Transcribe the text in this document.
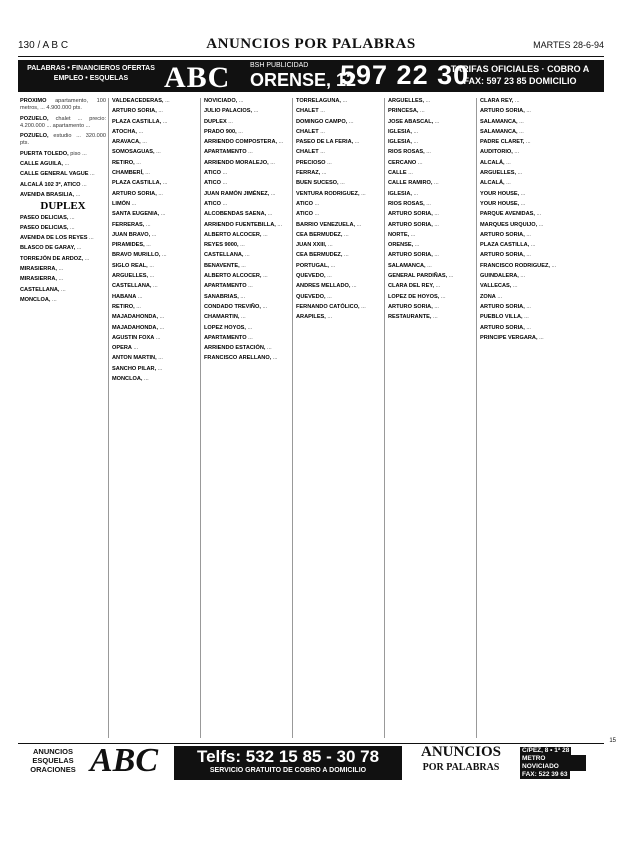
130 / A B C	ANUNCIOS POR PALABRAS	MARTES 28-6-94
PALABRAS • FINANCIEROS OFERTAS EMPLEO • ESQUELAS	ABC	BSH PUBLICIDAD
ORENSE, 12
597 22 30
TARIFAS OFICIALES · COBRO A
FAX: 597 23 85 DOMICILIO
PROXIMO apartamento, 100 metros, ... 4.900.000 pts.
POZUELO, chalet ... precio: 4.200.000 ... apartamento ...
POZUELO, estudio ... 320.000 pts.
PUERTA TOLEDO, piso ...
CALLE AGUILA, ...
CALLE GENERAL VAGUE ...
ALCALÁ 102 3º, ATICO ...
AVENIDA BRASILIA, ...
DUPLEX
PASEO DELICIAS, ...
PASEO DELICIAS, ...
AVENIDA DE LOS REYES ...
BLASCO DE GARAY, ...
TORREJÓN DE ARDOZ, ...
MIRASIERRA, ...
MIRASIERRA, ...
CASTELLANA, ...
MONCLOA, ...
VALDEACEDERAS, ...
ARTURO SORIA, ...
PLAZA CASTILLA, ...
ATOCHA, ...
ARAVACA, ...
SOMOSAGUAS, ...
RETIRO, ...
CHAMBERÍ, ...
PLAZA CASTILLA, ...
ARTURO SORIA, ...
LIMÓN ...
SANTA EUGENIA, ...
FERRERAS, ...
JUAN BRAVO, ...
PIRAMIDES, ...
BRAVO MURILLO, ...
SIGLO REAL, ...
ARGUELLES, ...
CASTELLANA, ...
HABANA ...
RETIRO, ...
MAJADAHONDA, ...
MAJADAHONDA, ...
AGUSTIN FOXA ...
OPERA ...
ANTON MARTIN, ...
SANCHO PILAR, ...
MONCLOA, ...
NOVICIADO, ...
JULIO PALACIOS, ...
DUPLEX ...
PRADO 900, ...
ARRIENDO COMPOSTERA, ...
APARTAMENTO ...
ARRIENDO MORALEJO, ...
ATICO ...
ATICO ...
JUAN RAMÓN JIMÉNEZ, ...
ATICO ...
ALCOBENDAS SAENA, ...
ARRIENDO FUENTEBILLA, ...
ALBERTO ALCOCER, ...
REYES 9000, ...
CASTELLANA, ...
BENAVENTE, ...
ALBERTO ALCOCER, ...
APARTAMENTO ...
SANABRIAS, ...
CONDADO TREVIÑO, ...
CHAMARTIN, ...
LOPEZ HOYOS, ...
APARTAMENTO ...
ARRIENDO ESTACIÓN, ...
FRANCISCO ARELLANO, ...
TORRELAGUNA, ...
CHALET ...
DOMINGO CAMPO, ...
CHALET ...
PASEO DE LA FERIA, ...
CHALET ...
PRECIOSO ...
FERRAZ, ...
BUEN SUCESO, ...
VENTURA RODRIGUEZ, ...
ATICO ...
ATICO ...
BARRIO VENEZUELA, ...
CEA BERMUDEZ, ...
JUAN XXIII, ...
CEA BERMUDEZ, ...
PORTUGAL, ...
QUEVEDO, ...
ANDRES MELLADO, ...
QUEVEDO, ...
FERNANDO CATÓLICO, ...
ARAPILES, ...
ARGUELLES, ...
PRINCESA, ...
JOSE ABASCAL, ...
IGLESIA, ...
IGLESIA, ...
RIOS ROSAS, ...
CERCANO ...
CALLE ...
CALLE RAMIRO, ...
IGLESIA, ...
RIOS ROSAS, ...
ARTURO SORIA, ...
ARTURO SORIA, ...
NORTE, ...
ORENSE, ...
ARTURO SORIA, ...
SALAMANCA, ...
GENERAL PARDIÑAS, ...
CLARA DEL REY, ...
LOPEZ DE HOYOS, ...
ARTURO SORIA, ...
RESTAURANTE, ...
CLARA REY, ...
ARTURO SORIA, ...
SALAMANCA, ...
SALAMANCA, ...
PADRE CLARET, ...
AUDITORIO, ...
ALCALÁ, ...
ARGUELLES, ...
ALCALÁ, ...
YOUR HOUSE, ...
YOUR HOUSE, ...
PARQUE AVENIDAS, ...
MARQUES URQUIJO, ...
ARTURO SORIA, ...
PLAZA CASTILLA, ...
ARTURO SORIA, ...
FRANCISCO RODRIGUEZ, ...
GUINDALERA, ...
VALLECAS, ...
ZONA ...
ARTURO SORIA, ...
PUEBLO VILLA, ...
ARTURO SORIA, ...
PRINCIPE VERGARA, ...
ANUNCIOS ESQUELAS ORACIONES ABC	Telfs: 532 15 85 - 30 78
SERVICIO GRATUITO DE COBRO A DOMICILIO
ANUNCIOS
POR PALABRAS
C/PEZ, 8 • 1ª 28 METRO NOVICIADO FAX: 522 39 63
15
